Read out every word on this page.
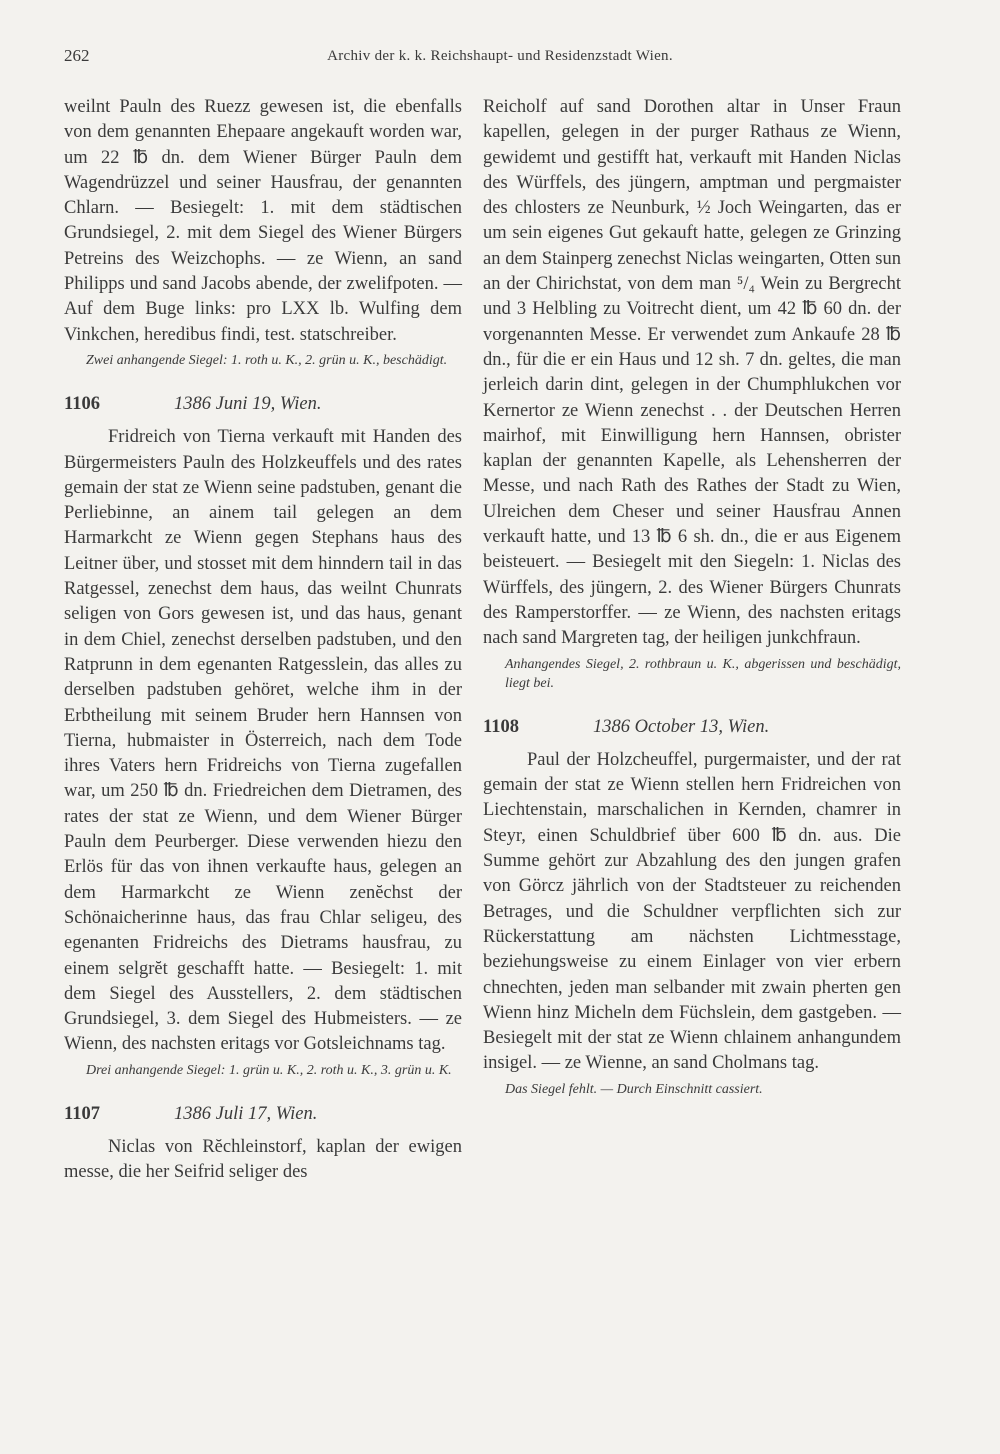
262	Archiv der k. k. Reichshaupt- und Residenzstadt Wien.

weilnt Pauln des Ruezz gewesen ist, die ebenfalls von dem genannten Ehepaare angekauft worden war, um 22 ℔ dn. dem Wiener Bürger Pauln dem Wagendrüzzel und seiner Hausfrau, der genannten Chlarn. — Besiegelt: 1. mit dem städtischen Grundsiegel, 2. mit dem Siegel des Wiener Bürgers Petreins des Weizchophs. — ze Wienn, an sand Philipps und sand Jacobs abende, der zwelifpoten. — Auf dem Buge links: pro LXX lb. Wulfing dem Vinkchen, heredibus findi, test. statschreiber.

Zwei anhangende Siegel: 1. roth u. K., 2. grün u. K., beschädigt.

1106	1386 Juni 19, Wien.

Fridreich von Tierna verkauft mit Handen des Bürgermeisters Pauln des Holzkeuffels und des rates gemain der stat ze Wienn seine padstuben, genant die Perliebinne, an ainem tail gelegen an dem Harmarkcht ze Wienn gegen Stephans haus des Leitner über, und stosset mit dem hinndern tail in das Ratgessel, zenechst dem haus, das weilnt Chunrats seligen von Gors gewesen ist, und das haus, genant in dem Chiel, zenechst derselben padstuben, und den Ratprunn in dem egenanten Ratgesslein, das alles zu derselben padstuben gehöret, welche ihm in der Erbtheilung mit seinem Bruder hern Hannsen von Tierna, hubmaister in Österreich, nach dem Tode ihres Vaters hern Fridreichs von Tierna zugefallen war, um 250 ℔ dn. Friedreichen dem Dietramen, des rates der stat ze Wienn, und dem Wiener Bürger Pauln dem Peurberger. Diese verwenden hiezu den Erlös für das von ihnen verkaufte haus, gelegen an dem Harmarkcht ze Wienn zenĕchst der Schönaicherinne haus, das frau Chlar seligeu, des egenanten Fridreichs des Dietrams hausfrau, zu einem selgrĕt geschafft hatte. — Besiegelt: 1. mit dem Siegel des Ausstellers, 2. dem städtischen Grundsiegel, 3. dem Siegel des Hubmeisters. — ze Wienn, des nachsten eritags vor Gotsleichnams tag.

Drei anhangende Siegel: 1. grün u. K., 2. roth u. K., 3. grün u. K.

1107	1386 Juli 17, Wien.

Niclas von Rĕchleinstorf, kaplan der ewigen messe, die her Seifrid seliger des

Reicholf auf sand Dorothen altar in Unser Fraun kapellen, gelegen in der purger Rathaus ze Wienn, gewidemt und gestifft hat, verkauft mit Handen Niclas des Würffels, des jüngern, amptman und pergmaister des chlosters ze Neunburk, ½ Joch Weingarten, das er um sein eigenes Gut gekauft hatte, gelegen ze Grinzing an dem Stainperg zenechst Niclas weingarten, Otten sun an der Chirichstat, von dem man ⁵/₄ Wein zu Bergrecht und 3 Helbling zu Voitrecht dient, um 42 ℔ 60 dn. der vorgenannten Messe. Er verwendet zum Ankaufe 28 ℔ dn., für die er ein Haus und 12 sh. 7 dn. geltes, die man jerleich darin dint, gelegen in der Chumphlukchen vor Kernertor ze Wienn zenechst . . der Deutschen Herren mairhof, mit Einwilligung hern Hannsen, obrister kaplan der genannten Kapelle, als Lehensherren der Messe, und nach Rath des Rathes der Stadt zu Wien, Ulreichen dem Cheser und seiner Hausfrau Annen verkauft hatte, und 13 ℔ 6 sh. dn., die er aus Eigenem beisteuert. — Besiegelt mit den Siegeln: 1. Niclas des Würffels, des jüngern, 2. des Wiener Bürgers Chunrats des Ramperstorffer. — ze Wienn, des nachsten eritags nach sand Margreten tag, der heiligen junkchfraun.

Anhangendes Siegel, 2. rothbraun u. K., abgerissen und beschädigt, liegt bei.

1108	1386 October 13, Wien.

Paul der Holzcheuffel, purgermaister, und der rat gemain der stat ze Wienn stellen hern Fridreichen von Liechtenstain, marschalichen in Kernden, chamrer in Steyr, einen Schuldbrief über 600 ℔ dn. aus. Die Summe gehört zur Abzahlung des den jungen grafen von Görcz jährlich von der Stadtsteuer zu reichenden Betrages, und die Schuldner verpflichten sich zur Rückerstattung am nächsten Lichtmesstage, beziehungsweise zu einem Einlager von vier erbern chnechten, jeden man selbander mit zwain pherten gen Wienn hinz Micheln dem Füchslein, dem gastgeben. — Besiegelt mit der stat ze Wienn chlainem anhangundem insigel. — ze Wienne, an sand Cholmans tag.

Das Siegel fehlt. — Durch Einschnitt cassiert.
